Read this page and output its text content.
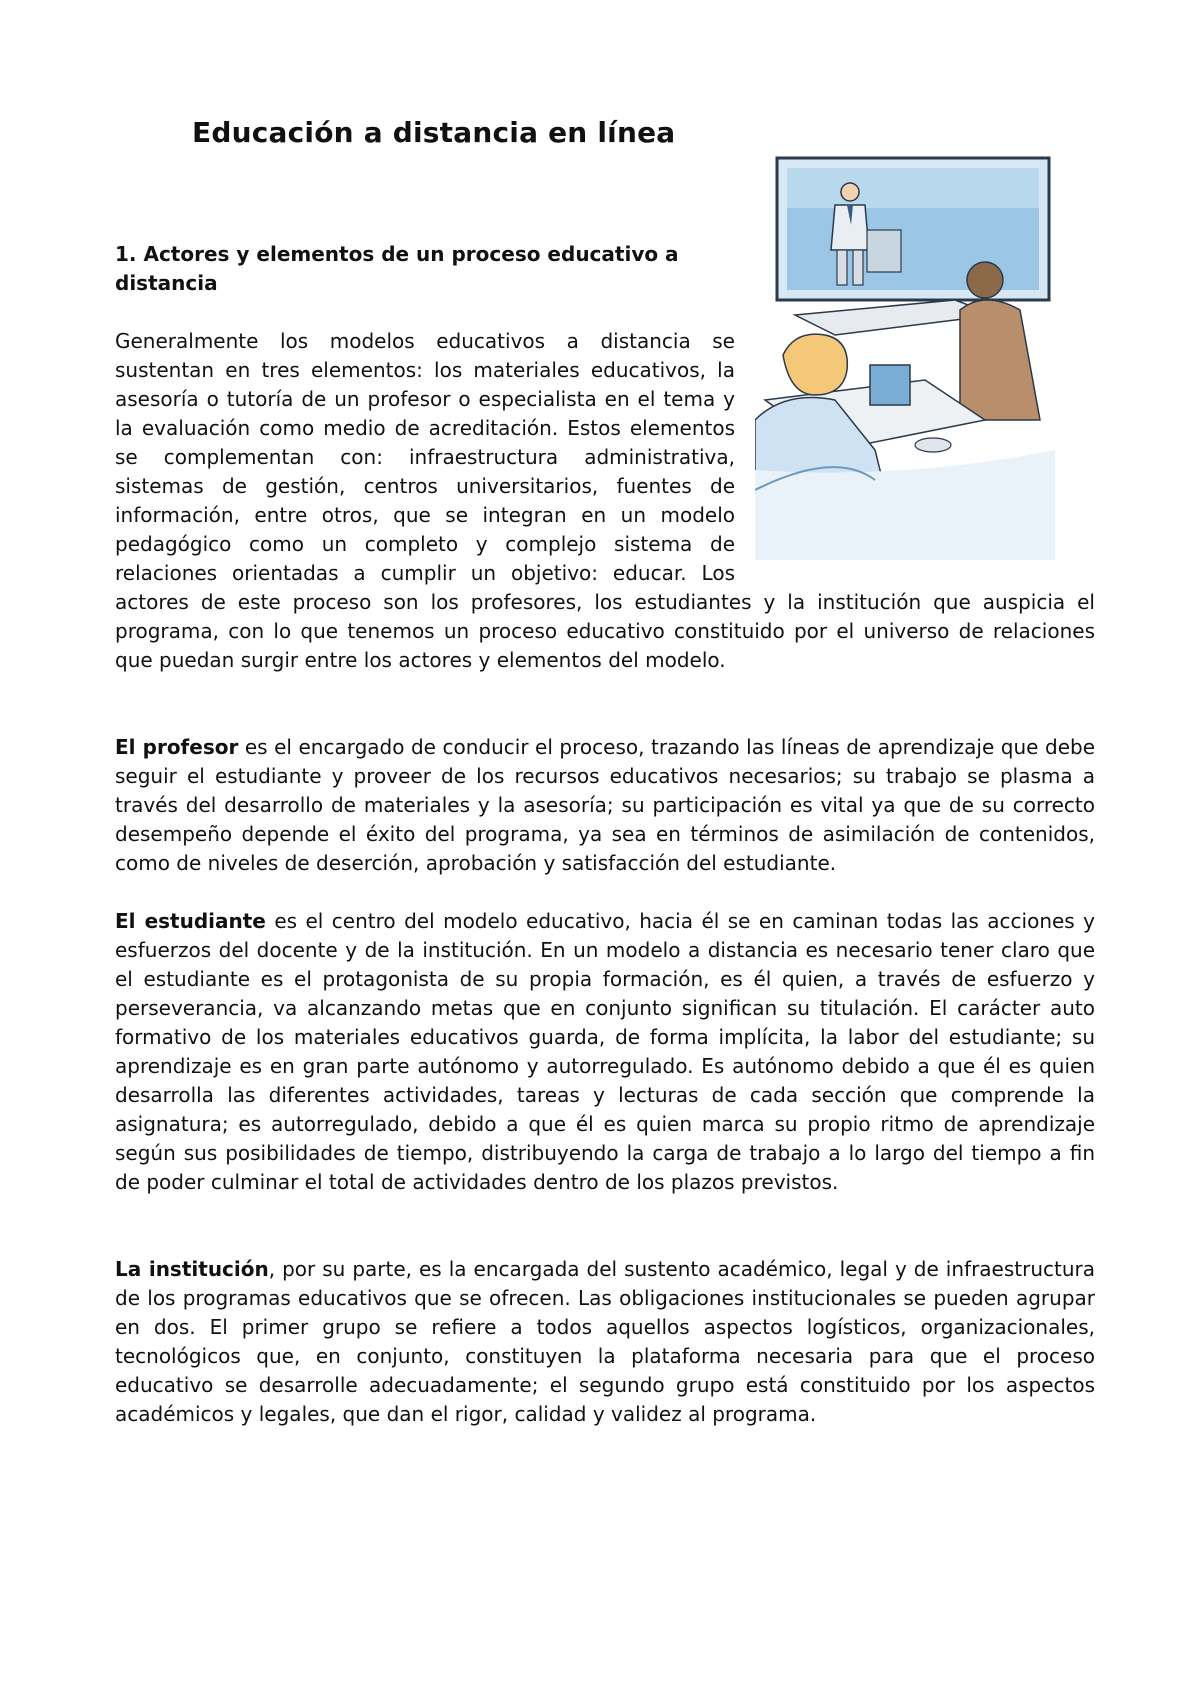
Educación a distancia en línea
1. Actores y elementos de un proceso educativo a distancia

Generalmente los modelos educativos a distancia se sustentan en tres elementos: los materiales educativos, la asesoría o tutoría de un profesor o especialista en el tema y la evaluación como medio de acreditación. Estos elementos se complementan con: infraestructura administrativa, sistemas de gestión, centros universitarios, fuentes de información, entre otros, que se integran en un modelo pedagógico como un completo y complejo sistema de relaciones orientadas a cumplir un objetivo: educar. Los actores de este proceso son los profesores, los estudiantes y la institución que auspicia el programa, con lo que tenemos un proceso educativo constituido por el universo de relaciones que puedan surgir entre los actores y elementos del modelo.

El profesor es el encargado de conducir el proceso, trazando las líneas de aprendizaje que debe seguir el estudiante y proveer de los recursos educativos necesarios; su trabajo se plasma a través del desarrollo de materiales y la asesoría; su participación es vital ya que de su correcto desempeño depende el éxito del programa, ya sea en términos de asimilación de contenidos, como de niveles de deserción, aprobación y satisfacción del estudiante.

El estudiante es el centro del modelo educativo, hacia él se en caminan todas las acciones y esfuerzos del docente y de la institución. En un modelo a distancia es necesario tener claro que el estudiante es el protagonista de su propia formación, es él quien, a través de esfuerzo y perseverancia, va alcanzando metas que en conjunto significan su titulación. El carácter auto formativo de los materiales educativos guarda, de forma implícita, la labor del estudiante; su aprendizaje es en gran parte autónomo y autorregulado. Es autónomo debido a que él es quien desarrolla las diferentes actividades, tareas y lecturas de cada sección que comprende la asignatura; es autorregulado, debido a que él es quien marca su propio ritmo de aprendizaje según sus posibilidades de tiempo, distribuyendo la carga de trabajo a lo largo del tiempo a fin de poder culminar el total de actividades dentro de los plazos previstos.

La institución, por su parte, es la encargada del sustento académico, legal y de infraestructura de los programas educativos que se ofrecen. Las obligaciones institucionales se pueden agrupar en dos. El primer grupo se refiere a todos aquellos aspectos logísticos, organizacionales, tecnológicos que, en conjunto, constituyen la plataforma necesaria para que el proceso educativo se desarrolle adecuadamente; el segundo grupo está constituido por los aspectos académicos y legales, que dan el rigor, calidad y validez al programa.
